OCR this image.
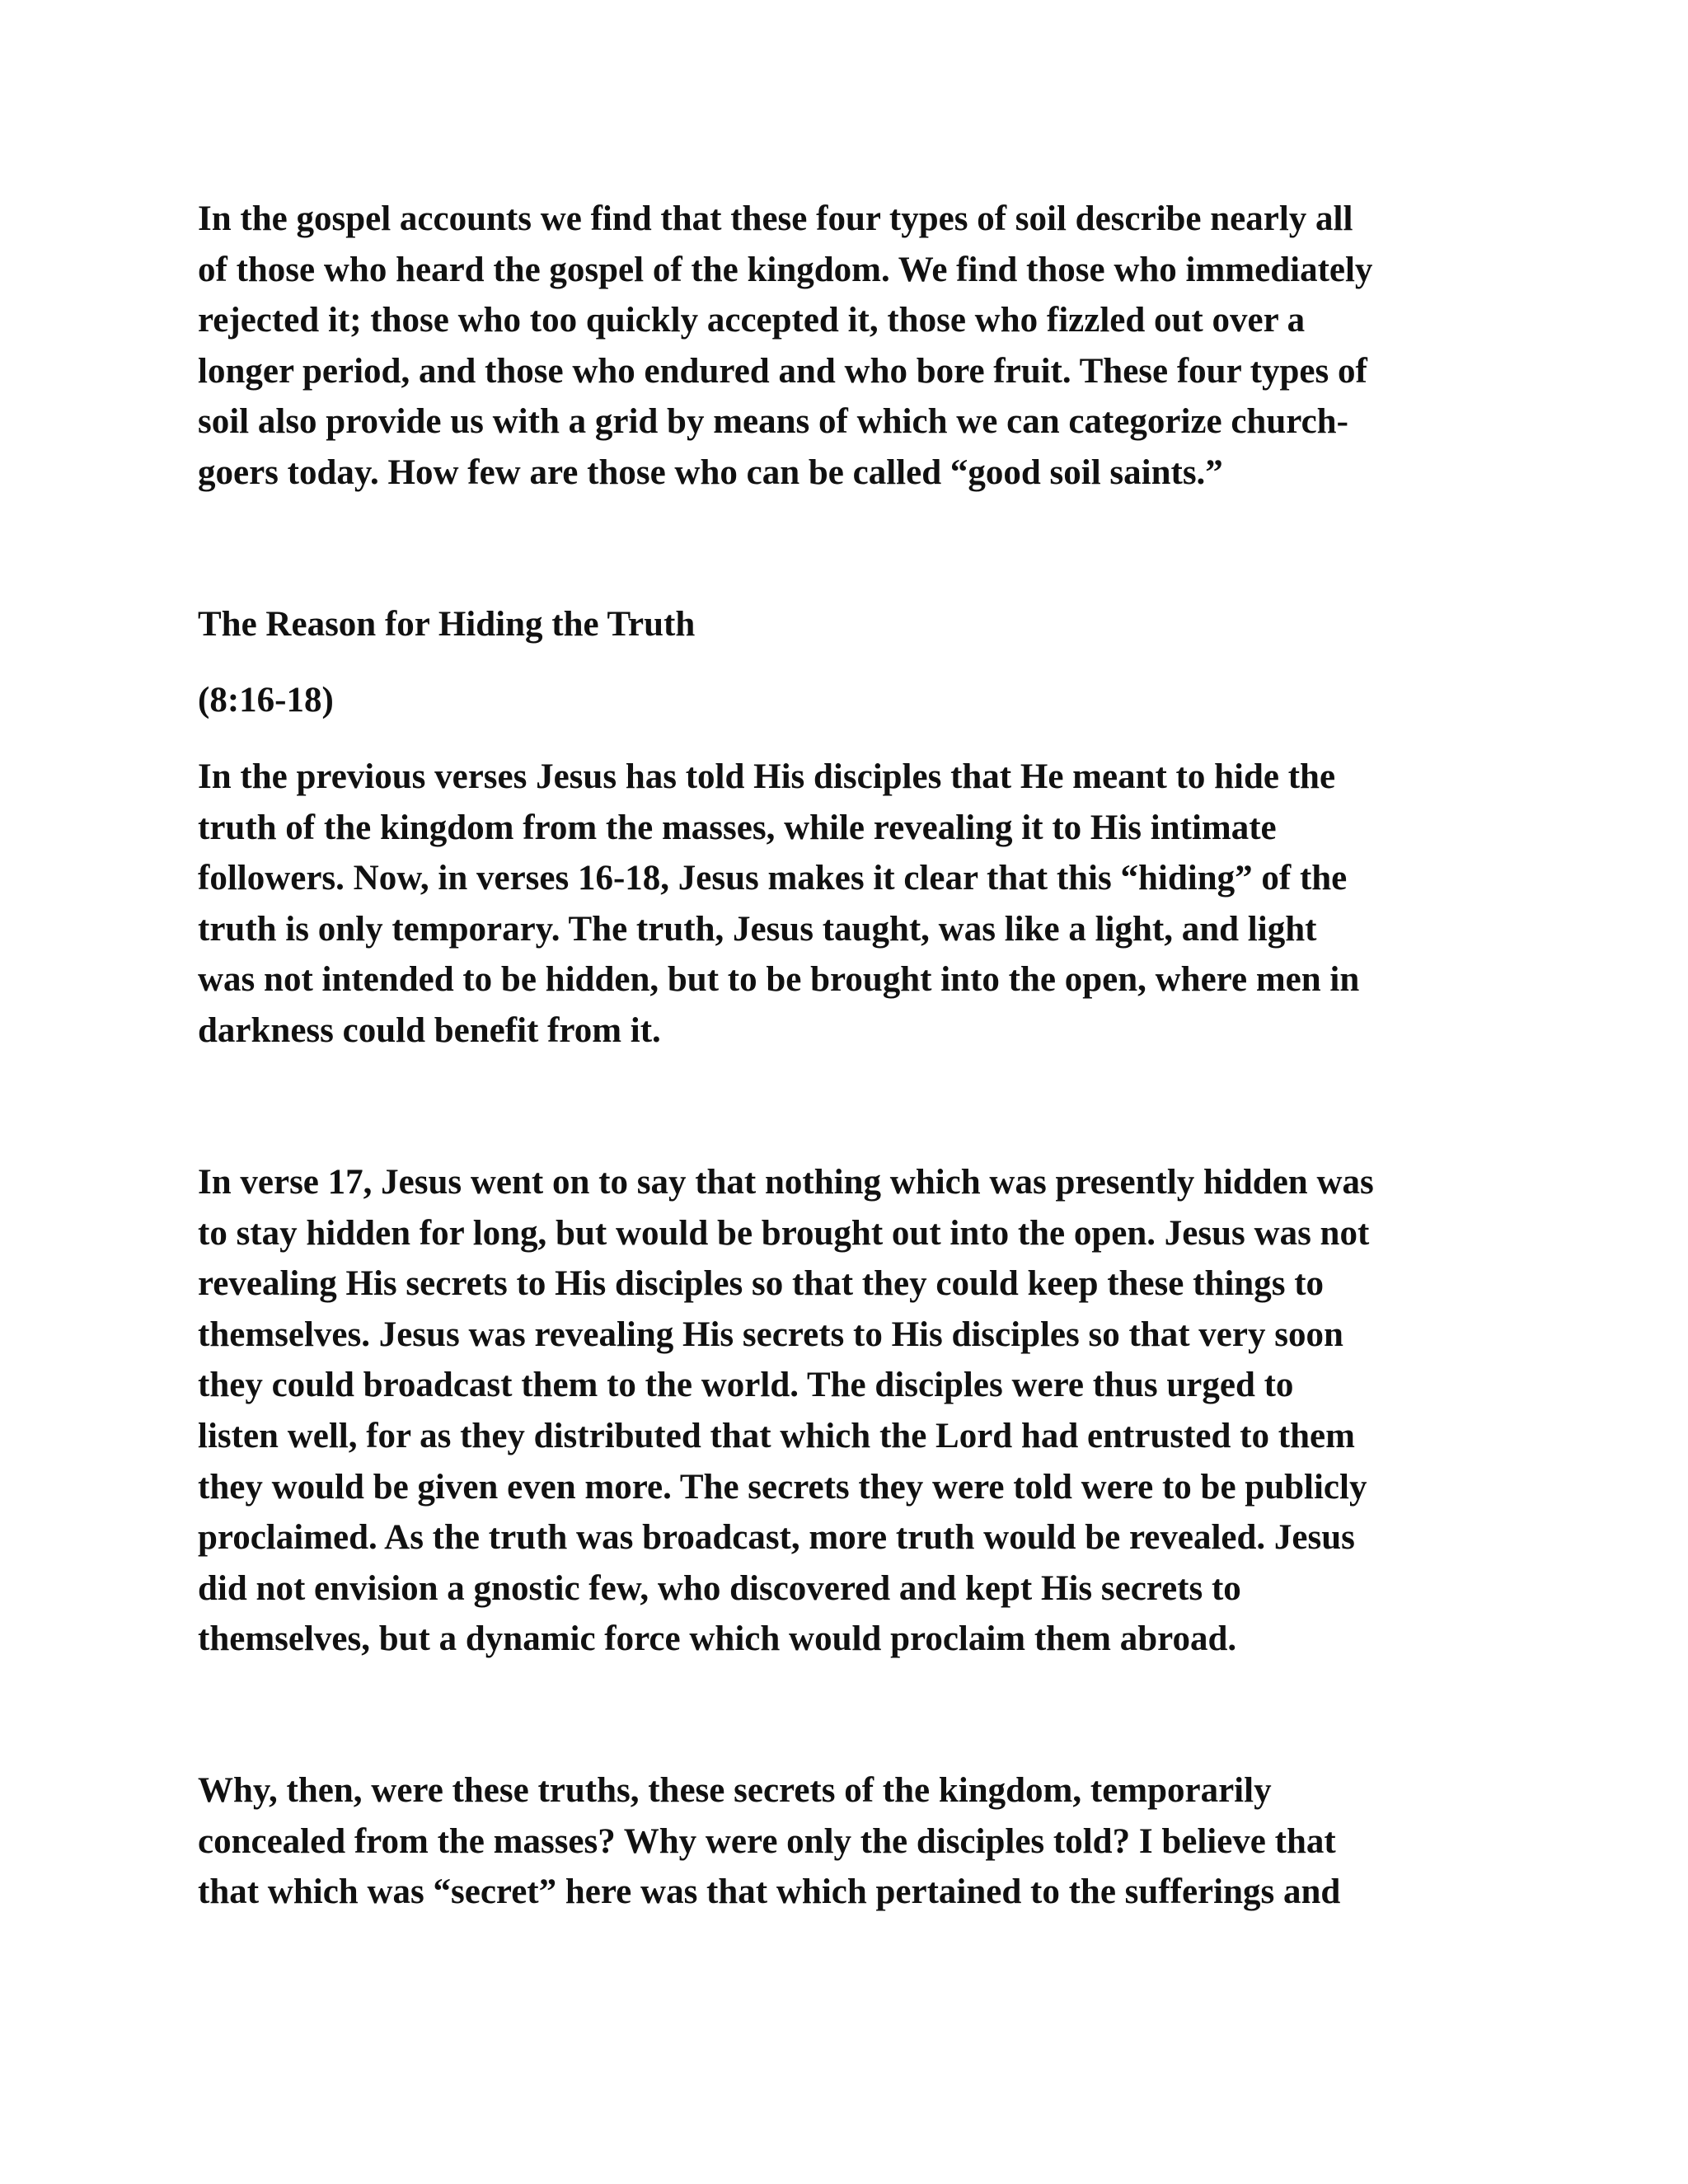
In the gospel accounts we find that these four types of soil describe nearly all
of those who heard the gospel of the kingdom. We find those who immediately
rejected it; those who too quickly accepted it, those who fizzled out over a
longer period, and those who endured and who bore fruit. These four types of
soil also provide us with a grid by means of which we can categorize church-
goers today. How few are those who can be called “good soil saints.”
The Reason for Hiding the Truth
(8:16-18)
In the previous verses Jesus has told His disciples that He meant to hide the
truth of the kingdom from the masses, while revealing it to His intimate
followers. Now, in verses 16-18, Jesus makes it clear that this “hiding” of the
truth is only temporary. The truth, Jesus taught, was like a light, and light
was not intended to be hidden, but to be brought into the open, where men in
darkness could benefit from it.
In verse 17, Jesus went on to say that nothing which was presently hidden was
to stay hidden for long, but would be brought out into the open. Jesus was not
revealing His secrets to His disciples so that they could keep these things to
themselves. Jesus was revealing His secrets to His disciples so that very soon
they could broadcast them to the world. The disciples were thus urged to
listen well, for as they distributed that which the Lord had entrusted to them
they would be given even more. The secrets they were told were to be publicly
proclaimed. As the truth was broadcast, more truth would be revealed. Jesus
did not envision a gnostic few, who discovered and kept His secrets to
themselves, but a dynamic force which would proclaim them abroad.
Why, then, were these truths, these secrets of the kingdom, temporarily
concealed from the masses? Why were only the disciples told? I believe that
that which was “secret” here was that which pertained to the sufferings and
